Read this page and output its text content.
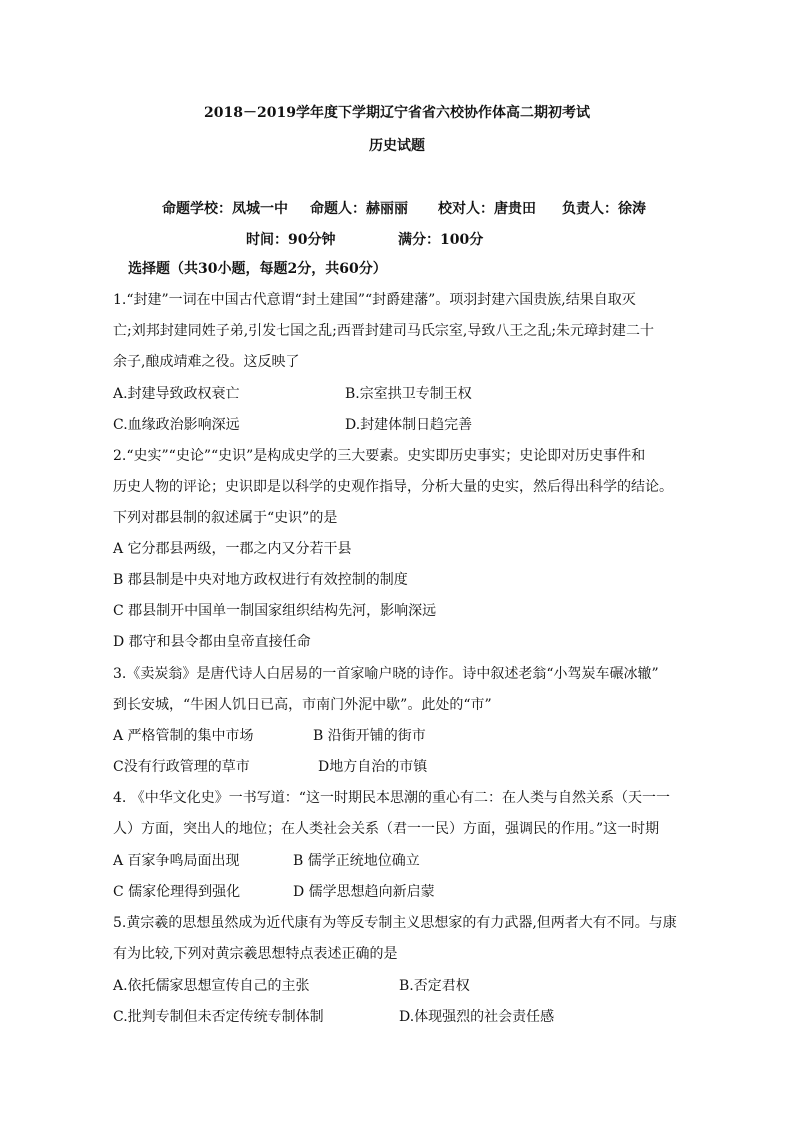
2018－2019学年度下学期辽宁省省六校协作体高二期初考试
历史试题
命题学校：凤城一中 命题人：赫丽丽 校对人：唐贵田 负责人：徐涛
时间：90分钟	满分：100分
选择题（共30小题，每题2分，共60分）
1.“封建”一词在中国古代意谓“封土建国”“封爵建藩”。项羽封建六国贵族,结果自取灭
亡;刘邦封建同姓子弟,引发七国之乱;西晋封建司马氏宗室,导致八王之乱;朱元璋封建二十
余子,酿成靖难之役。这反映了
A.封建导致政权衰亡	B.宗室拱卫专制王权
C.血缘政治影响深远	D.封建体制日趋完善
2.“史实”“史论”“史识”是构成史学的三大要素。史实即历史事实；史论即对历史事件和
历史人物的评论；史识即是以科学的史观作指导，分析大量的史实，然后得出科学的结论。
下列对郡县制的叙述属于“史识”的是
A 它分郡县两级，一郡之内又分若干县
B 郡县制是中央对地方政权进行有效控制的制度
C 郡县制开中国单一制国家组织结构先河，影响深远
D 郡守和县令都由皇帝直接任命
3.《卖炭翁》是唐代诗人白居易的一首家喻户晓的诗作。诗中叙述老翁“小驾炭车碾冰辙”
到长安城，“牛困人饥日已高，市南门外泥中歇”。此处的“市”
A 严格管制的集中市场	B 沿街开铺的街市
C没有行政管理的草市	D地方自治的市镇
4. 《中华文化史》一书写道：“这一时期民本思潮的重心有二：在人类与自然关系（天一一
人）方面，突出人的地位；在人类社会关系（君一一民）方面，强调民的作用。”这一时期
A 百家争鸣局面出现	B 儒学正统地位确立
C 儒家伦理得到强化	D 儒学思想趋向新启蒙
5.黄宗羲的思想虽然成为近代康有为等反专制主义思想家的有力武器,但两者大有不同。与康
有为比较,下列对黄宗羲思想特点表述正确的是
A.依托儒家思想宣传自己的主张	B.否定君权
C.批判专制但未否定传统专制体制	D.体现强烈的社会责任感
